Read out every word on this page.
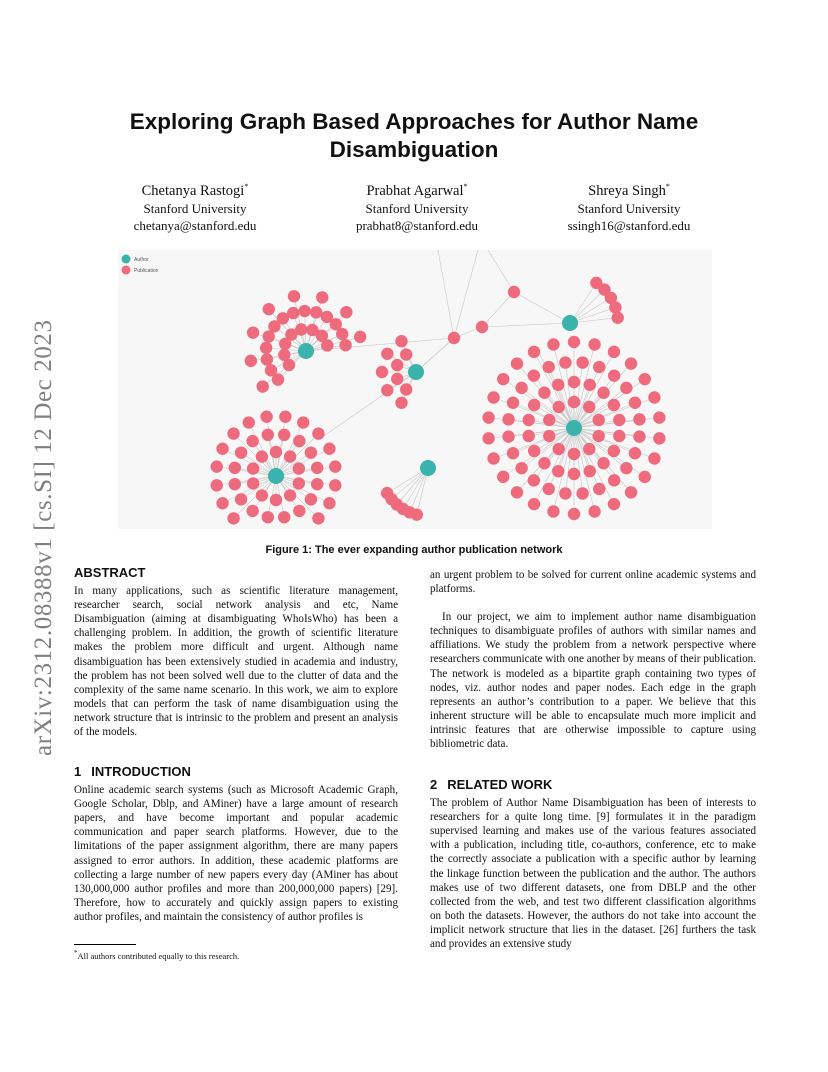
arXiv:2312.08388v1 [cs.SI] 12 Dec 2023
Exploring Graph Based Approaches for Author Name Disambiguation
Chetanya Rastogi*
Stanford University
chetanya@stanford.edu
Prabhat Agarwal*
Stanford University
prabhat8@stanford.edu
Shreya Singh*
Stanford University
ssingh16@stanford.edu
Author
Publication
Figure 1: The ever expanding author publication network
ABSTRACT

In many applications, such as scientific literature management, researcher search, social network analysis and etc, Name Disambiguation (aiming at disambiguating WhoIsWho) has been a challenging problem. In addition, the growth of scientific literature makes the problem more difficult and urgent. Although name disambiguation has been extensively studied in academia and industry, the problem has not been solved well due to the clutter of data and the complexity of the same name scenario. In this work, we aim to explore models that can perform the task of name disambiguation using the network structure that is intrinsic to the problem and present an analysis of the models.

1 INTRODUCTION

Online academic search systems (such as Microsoft Academic Graph, Google Scholar, Dblp, and AMiner) have a large amount of research papers, and have become important and popular academic communication and paper search platforms. However, due to the limitations of the paper assignment algorithm, there are many papers assigned to error authors. In addition, these academic platforms are collecting a large number of new papers every day (AMiner has about 130,000,000 author profiles and more than 200,000,000 papers) [29]. Therefore, how to accurately and quickly assign papers to existing author profiles, and maintain the consistency of author profiles is

*All authors contributed equally to this research.

an urgent problem to be solved for current online academic systems and platforms.

In our project, we aim to implement author name disambiguation techniques to disambiguate profiles of authors with similar names and affiliations. We study the problem from a network perspective where researchers communicate with one another by means of their publication. The network is modeled as a bipartite graph containing two types of nodes, viz. author nodes and paper nodes. Each edge in the graph represents an author’s contribution to a paper. We believe that this inherent structure will be able to encapsulate much more implicit and intrinsic features that are otherwise impossible to capture using bibliometric data.

2 RELATED WORK

The problem of Author Name Disambiguation has been of interests to researchers for a quite long time. [9] formulates it in the paradigm supervised learning and makes use of the various features associated with a publication, including title, co-authors, conference, etc to make the correctly associate a publication with a specific author by learning the linkage function between the publication and the author. The authors makes use of two different datasets, one from DBLP and the other collected from the web, and test two different classification algorithms on both the datasets. However, the authors do not take into account the implicit network structure that lies in the dataset. [26] furthers the task and provides an extensive study
